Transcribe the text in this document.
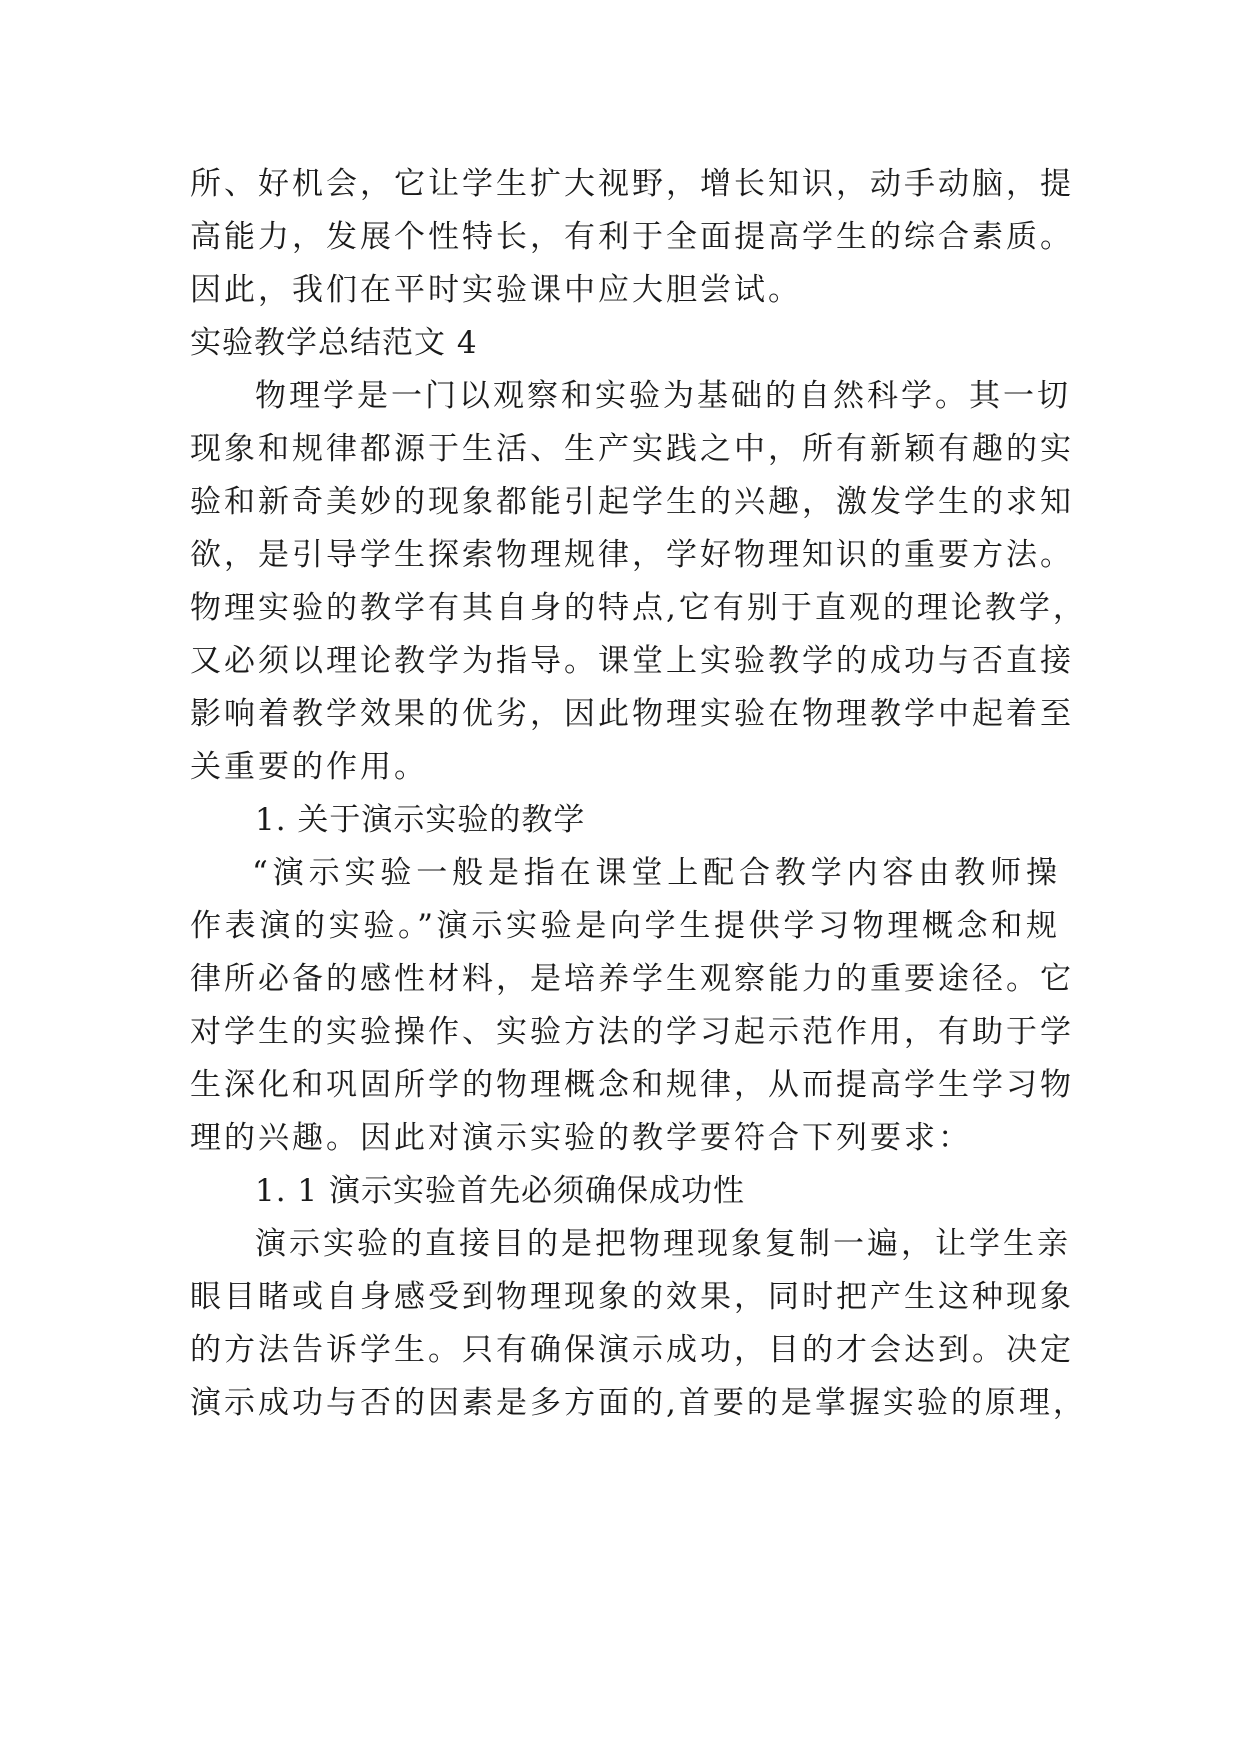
所、好机会，它让学生扩大视野，增长知识，动手动脑，提
高能力，发展个性特长，有利于全面提高学生的综合素质。
因此，我们在平时实验课中应大胆尝试。
实验教学总结范文 4
物理学是一门以观察和实验为基础的自然科学。其一切
现象和规律都源于生活、生产实践之中，所有新颖有趣的实
验和新奇美妙的现象都能引起学生的兴趣，激发学生的求知
欲，是引导学生探索物理规律，学好物理知识的重要方法。
物理实验的教学有其自身的特点,它有别于直观的理论教学，
又必须以理论教学为指导。课堂上实验教学的成功与否直接
影响着教学效果的优劣，因此物理实验在物理教学中起着至
关重要的作用。
1. 关于演示实验的教学
“演示实验一般是指在课堂上配合教学内容由教师操
作表演的实验。”演示实验是向学生提供学习物理概念和规
律所必备的感性材料，是培养学生观察能力的重要途径。它
对学生的实验操作、实验方法的学习起示范作用，有助于学
生深化和巩固所学的物理概念和规律，从而提高学生学习物
理的兴趣。因此对演示实验的教学要符合下列要求：
1. 1 演示实验首先必须确保成功性
演示实验的直接目的是把物理现象复制一遍，让学生亲
眼目睹或自身感受到物理现象的效果，同时把产生这种现象
的方法告诉学生。只有确保演示成功，目的才会达到。决定
演示成功与否的因素是多方面的,首要的是掌握实验的原理，
